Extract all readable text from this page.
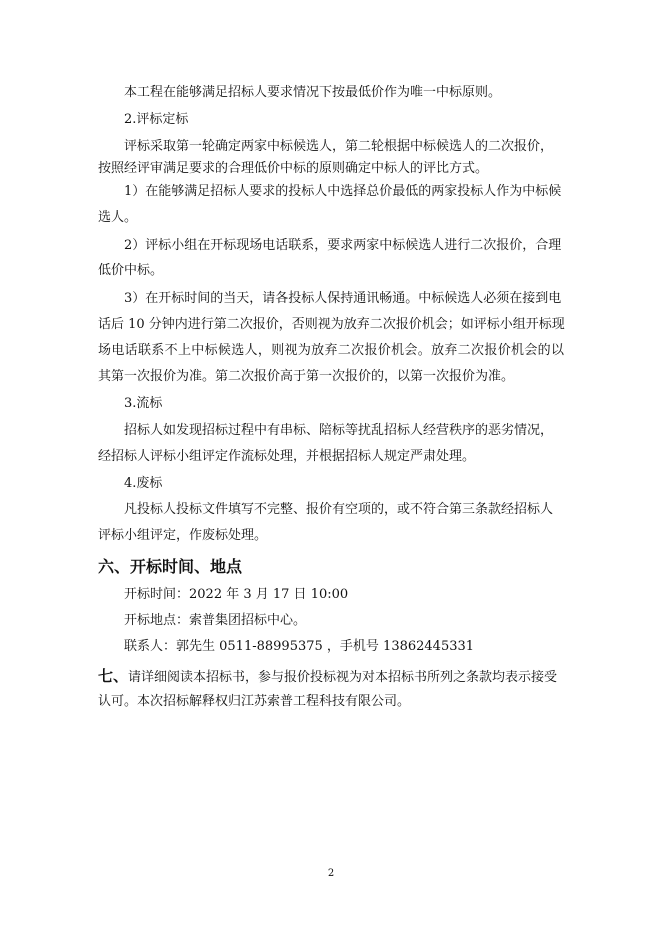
本工程在能够满足招标人要求情况下按最低价作为唯一中标原则。
2.评标定标
评标采取第一轮确定两家中标候选人，第二轮根据中标候选人的二次报价，
按照经评审满足要求的合理低价中标的原则确定中标人的评比方式。
1）在能够满足招标人要求的投标人中选择总价最低的两家投标人作为中标候
选人。
2）评标小组在开标现场电话联系，要求两家中标候选人进行二次报价，合理
低价中标。
3）在开标时间的当天，请各投标人保持通讯畅通。中标候选人必须在接到电
话后 10 分钟内进行第二次报价，否则视为放弃二次报价机会；如评标小组开标现
场电话联系不上中标候选人，则视为放弃二次报价机会。放弃二次报价机会的以
其第一次报价为准。第二次报价高于第一次报价的，以第一次报价为准。
3.流标
招标人如发现招标过程中有串标、陪标等扰乱招标人经营秩序的恶劣情况，
经招标人评标小组评定作流标处理，并根据招标人规定严肃处理。
4.废标
凡投标人投标文件填写不完整、报价有空项的，或不符合第三条款经招标人
评标小组评定，作废标处理。
六、开标时间、地点
开标时间：2022 年 3 月 17 日 10:00
开标地点：索普集团招标中心。
联系人：郭先生 0511-88995375 ，手机号 13862445331
七、请详细阅读本招标书，参与报价投标视为对本招标书所列之条款均表示接受
认可。本次招标解释权归江苏索普工程科技有限公司。
2
